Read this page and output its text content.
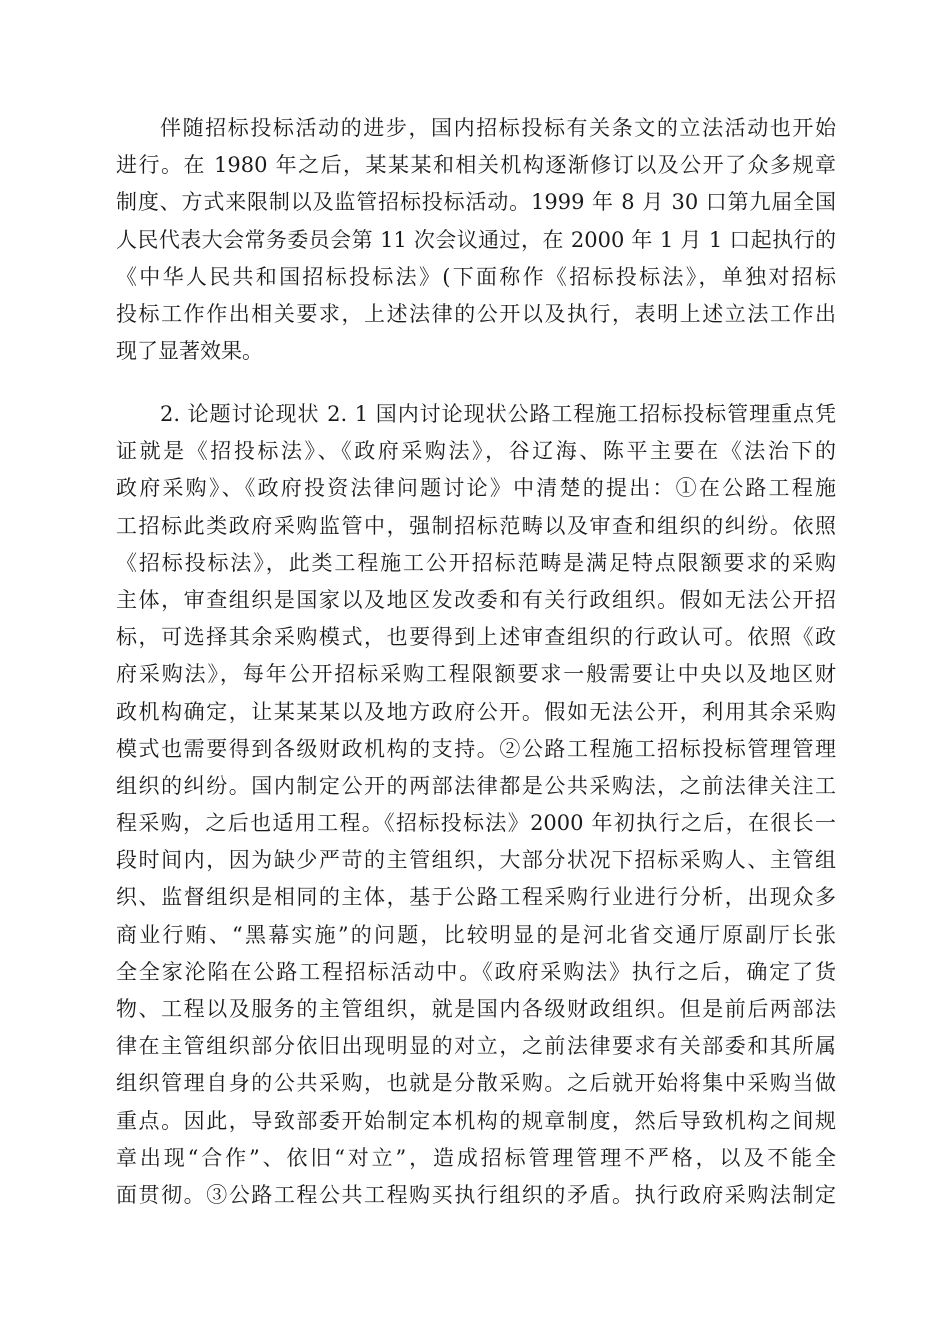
伴随招标投标活动的进步，国内招标投标有关条文的立法活动也开始
进行。在 1980 年之后，某某某和相关机构逐渐修订以及公开了众多规章
制度、方式来限制以及监管招标投标活动。1999 年 8 月 30 口第九届全国
人民代表大会常务委员会第 11 次会议通过，在 2000 年 1 月 1 口起执行的
《中华人民共和国招标投标法》(下面称作《招标投标法》，单独对招标
投标工作作出相关要求，上述法律的公开以及执行，表明上述立法工作出
现了显著效果。
2. 论题讨论现状 2. 1 国内讨论现状公路工程施工招标投标管理重点凭
证就是《招投标法》、《政府采购法》，谷辽海、陈平主要在《法治下的
政府采购》、《政府投资法律问题讨论》中清楚的提出：①在公路工程施
工招标此类政府采购监管中，强制招标范畴以及审查和组织的纠纷。依照
《招标投标法》，此类工程施工公开招标范畴是满足特点限额要求的采购
主体，审查组织是国家以及地区发改委和有关行政组织。假如无法公开招
标，可选择其余采购模式，也要得到上述审查组织的行政认可。依照《政
府采购法》，每年公开招标采购工程限额要求一般需要让中央以及地区财
政机构确定，让某某某以及地方政府公开。假如无法公开，利用其余采购
模式也需要得到各级财政机构的支持。②公路工程施工招标投标管理管理
组织的纠纷。国内制定公开的两部法律都是公共采购法，之前法律关注工
程采购，之后也适用工程。《招标投标法》2000 年初执行之后，在很长一
段时间内，因为缺少严苛的主管组织，大部分状况下招标采购人、主管组
织、监督组织是相同的主体，基于公路工程采购行业进行分析，出现众多
商业行贿、“黑幕实施”的问题，比较明显的是河北省交通厅原副厅长张
全全家沦陷在公路工程招标活动中。《政府采购法》执行之后，确定了货
物、工程以及服务的主管组织，就是国内各级财政组织。但是前后两部法
律在主管组织部分依旧出现明显的对立，之前法律要求有关部委和其所属
组织管理自身的公共采购，也就是分散采购。之后就开始将集中采购当做
重点。因此，导致部委开始制定本机构的规章制度，然后导致机构之间规
章出现“合作”、依旧“对立”，造成招标管理管理不严格，以及不能全
面贯彻。③公路工程公共工程购买执行组织的矛盾。执行政府采购法制定
